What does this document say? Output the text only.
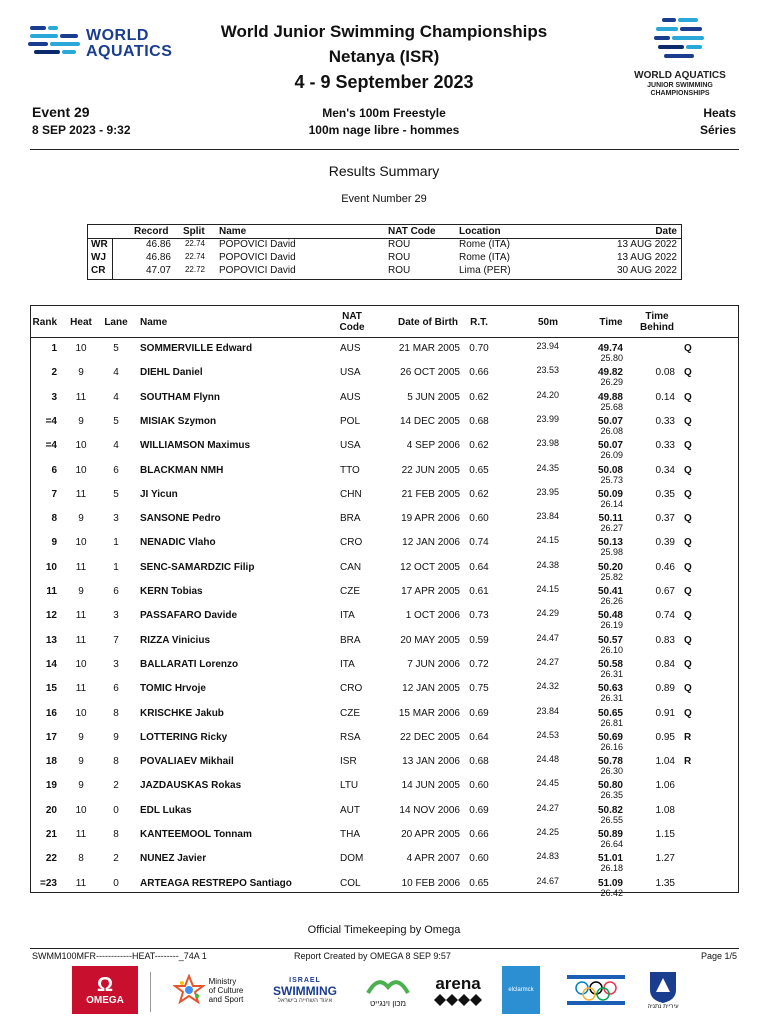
WORLD
AQUATICS
World Junior Swimming Championships
Netanya (ISR)
4 - 9 September 2023	WORLD AQUATICS
JUNIOR SWIMMING
CHAMPIONSHIPS
Event 29
8 SEP 2023 - 9:32
Men's 100m Freestyle
100m nage libre - hommes
Heats
Séries
Results Summary
Event Number 29
Record Split Name	NAT Code Location	Date
WR	46.86	22.74 POPOVICI David	ROU	Rome (ITA)	13 AUG 2022
WJ	46.86	22.74 POPOVICI David	ROU	Rome (ITA)	13 AUG 2022
CR	47.07	22.72 POPOVICI David	ROU	Lima (PER)	30 AUG 2022
Rank Heat	Lane	Name
NAT
Code	Date of Birth	R.T.	50m	Time
Time
Behind
1	10	5	SOMMERVILLE Edward	AUS	21 MAR 2005 0.70	23.94	49.74
25.80
Q
2	9	4	DIEHL Daniel	USA	26 OCT 2005 0.66	23.53	49.82
26.29
0.08 Q
3	11	4	SOUTHAM Flynn	AUS	5 JUN 2005 0.62	24.20	49.88
25.68
0.14 Q
=4	9	5	MISIAK Szymon	POL	14 DEC 2005 0.68	23.99	50.07
26.08
0.33 Q
=4	10	4	WILLIAMSON Maximus	USA	4 SEP 2006 0.62	23.98	50.07
26.09
0.33 Q
6	10	6	BLACKMAN NMH	TTO	22 JUN 2005 0.65	24.35	50.08
25.73
0.34 Q
7	11	5	JI Yicun	CHN	21 FEB 2005 0.62	23.95	50.09
26.14
0.35 Q
8	9	3	SANSONE Pedro	BRA	19 APR 2006 0.60	23.84	50.11
26.27
0.37 Q
9	10	1	NENADIC Vlaho	CRO	12 JAN 2006 0.74	24.15	50.13
25.98
0.39 Q
10	11	1	SENC-SAMARDZIC Filip	CAN	12 OCT 2005 0.64	24.38	50.20
25.82
0.46 Q
11	9	6	KERN Tobias	CZE	17 APR 2005 0.61	24.15	50.41
26.26
0.67 Q
12	11	3	PASSAFARO Davide	ITA	1 OCT 2006 0.73	24.29	50.48
26.19
0.74 Q
13	11	7	RIZZA Vinicius	BRA	20 MAY 2005 0.59	24.47	50.57
26.10
0.83 Q
14	10	3	BALLARATI Lorenzo	ITA	7 JUN 2006 0.72	24.27	50.58
26.31
0.84 Q
15	11	6	TOMIC Hrvoje	CRO	12 JAN 2005 0.75	24.32	50.63
26.31
0.89 Q
16	10	8	KRISCHKE Jakub	CZE	15 MAR 2006 0.69	23.84	50.65
26.81
0.91 Q
17	9	9	LOTTERING Ricky	RSA	22 DEC 2005 0.64	24.53	50.69
26.16
0.95 R
18	9	8	POVALIAEV Mikhail	ISR	13 JAN 2006 0.68	24.48	50.78
26.30
1.04 R
19	9	2	JAZDAUSKAS Rokas	LTU	14 JUN 2005 0.60	24.45	50.80
26.35
1.06
20	10	0	EDL Lukas	AUT	14 NOV 2006 0.69	24.27	50.82
26.55
1.08
21	11	8	KANTEEMOOL Tonnam	THA	20 APR 2005 0.66	24.25	50.89
26.64
1.15
22	8	2	NUNEZ Javier	DOM	4 APR 2007 0.60	24.83	51.01
26.18
1.27
=23	11	0	ARTEAGA RESTREPO Santiago	COL	10 FEB 2006 0.65	24.67	51.09
26.42
1.35
Official Timekeeping by Omega
SWMM100MFR------------HEAT--------_74A 1	Report Created by OMEGA 8 SEP 9:57	Page 1/5
Ω
OMEGA
Ministry
of Culture
and Sport
ISRAEL
SWIMMING
איגוד השחייה בישראל	מכון וינגייט
arena	elclarmck
עיריית נתניה
